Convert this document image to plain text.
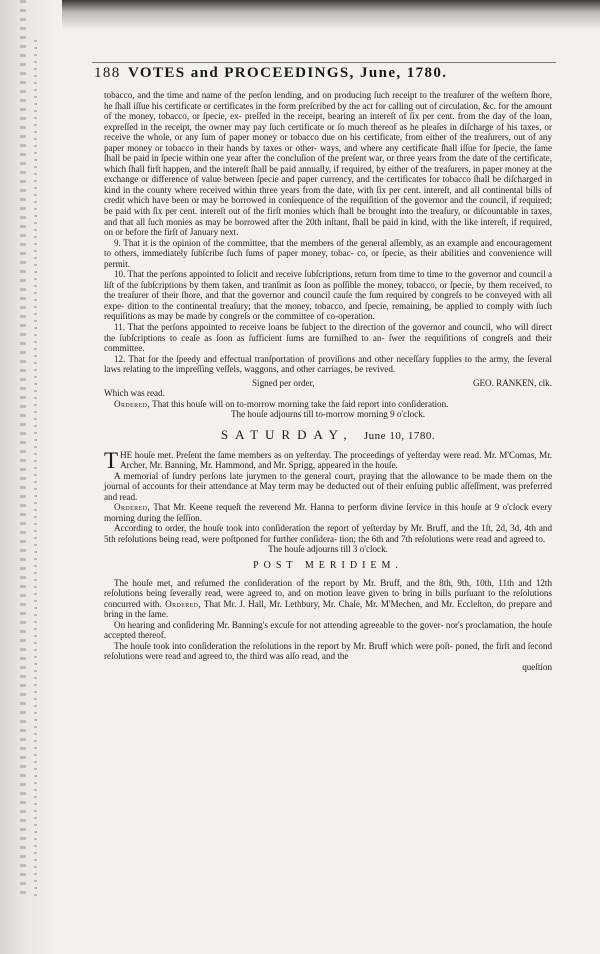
188 VOTES and PROCEEDINGS, June, 1780.

tobacco, and the time and name of the perſon lending, and on producing ſuch receipt to the treaſurer of the weſtern ſhore, he ſhall iſſue his certificate or certificates in the form preſcribed by the act for calling out of circulation, &c. for the amount of the money, tobacco, or ſpecie, ex- preſſed in the receipt, bearing an intereſt of ſix per cent. from the day of the loan, expreſſed in the receipt, the owner may pay ſuch certificate or ſo much thereof as he pleaſes in diſcharge of his taxes, or receive the whole, or any ſum of paper money or tobacco due on his certificate, from either of the treaſurers, out of any paper money or tobacco in their hands by taxes or other- ways, and where any certificate ſhall iſſue for ſpecie, the ſame ſhall be paid in ſpecie within one year after the concluſion of the preſent war, or three years from the date of the certificate, which ſhall firſt happen, and the intereſt ſhall be paid annually, if required, by either of the treaſurers, in paper money at the exchange or difference of value between ſpecie and paper currency, and the certificates for tobacco ſhall be diſcharged in kind in the county where received within three years from the date, with ſix per cent. intereſt, and all continental bills of credit which have been or may be borrowed in conſequence of the requiſition of the governor and the council, if required; be paid with ſix per cent. intereſt out of the firſt monies which ſhall be brought into the treaſury, or diſcountable in taxes, and that all ſuch monies as may be borrowed after the 20th inſtant, ſhall be paid in kind, with the like intereſt, if required, on or before the firſt of January next.

9. That it is the opinion of the committee, that the members of the general aſſembly, as an example and encouragement to others, immediately ſubſcribe ſuch ſums of paper money, tobac- co, or ſpecie, as their abilities and convenience will permit.

10. That the perſons appointed to ſolicit and receive ſubſcriptions, return from time to time to the governor and council a liſt of the ſubſcriptions by them taken, and tranſmit as ſoon as poſſible the money, tobacco, or ſpecie, by them received, to the treaſurer of their ſhore, and that the governor and council cauſe the ſum required by congreſs to be conveyed with all expe- dition to the continental treaſury; that the money, tobacco, and ſpecie, remaining, be applied to comply with ſuch requiſitions as may be made by congreſs or the committee of co-operation.

11. That the perſons appointed to receive loans be ſubject to the direction of the governor and council, who will direct the ſubſcriptions to ceaſe as ſoon as ſufficient ſums are furniſhed to an- ſwer the requiſitions of congreſs and their committee.

12. That for the ſpeedy and effectual tranſportation of proviſions and other neceſſary ſupplies to the army, the ſeveral laws relating to the impreſſing veſſels, waggons, and other carriages, be revived.

Signed per order,	GEO. RANKEN, clk.

Which was read.

Ordered, That this houſe will on to-morrow morning take the ſaid report into conſideration.

The houſe adjourns till to-morrow morning 9 o'clock.

SATURDAY, June 10, 1780.

THE houſe met. Preſent the ſame members as on yeſterday. The proceedings of yeſterday were read. Mr. M'Comas, Mr. Archer, Mr. Banning, Mr. Hammond, and Mr. Sprigg, appeared in the houſe.

A memorial of ſundry perſons late jurymen to the general court, praying that the allowance to be made them on the journal of accounts for their attendance at May term may be deducted out of their enſuing public aſſeſſment, was preferred and read.

Ordered, That Mr. Keene requeſt the reverend Mr. Hanna to perform divine ſervice in this houſe at 9 o'clock every morning during the ſeſſion.

According to order, the houſe took into conſideration the report of yeſterday by Mr. Bruff, and the 1ſt, 2d, 3d, 4th and 5th reſolutions being read, were poſtponed for further conſidera- tion; the 6th and 7th reſolutions were read and agreed to.

The houſe adjourns till 3 o'clock.

POST MERIDIEM.

The houſe met, and reſumed the conſideration of the report by Mr. Bruff, and the 8th, 9th, 10th, 11th and 12th reſolutions being ſeverally read, were agreed to, and on motion leave given to bring in bills purſuant to the reſolutions concurred with. Ordered, That Mr. J. Hall, Mr. Lethbury, Mr. Chaſe, Mr. M'Mechen, and Mr. Eccleſton, do prepare and bring in the ſame.

On hearing and conſidering Mr. Banning's excuſe for not attending agreeable to the gover- nor's proclamation, the houſe accepted thereof.

The houſe took into conſideration the reſolutions in the report by Mr. Bruff which were poſt- poned, the firſt and ſecond reſolutions were read and agreed to, the third was alſo read, and the

queſtion
